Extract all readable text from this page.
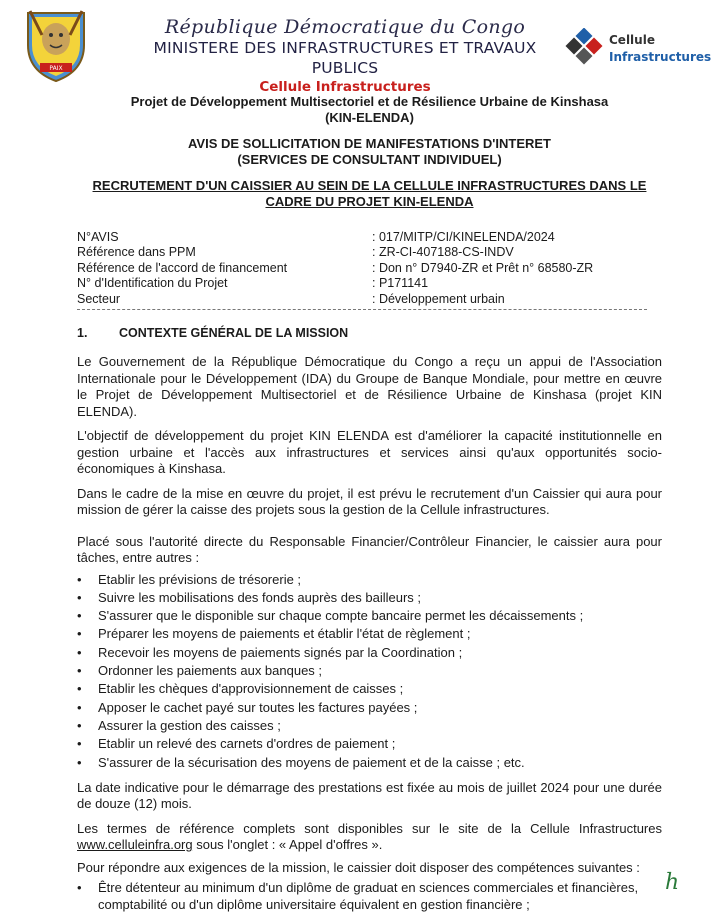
PAIX
République Démocratique du Congo
MINISTERE DES INFRASTRUCTURES ET TRAVAUX PUBLICS
Cellule Infrastructures
Cellule
Infrastructures
Projet de Développement Multisectoriel et de Résilience Urbaine de Kinshasa
(KIN-ELENDA)
AVIS DE SOLLICITATION DE MANIFESTATIONS D'INTERET
(SERVICES DE CONSULTANT INDIVIDUEL)
RECRUTEMENT D'UN CAISSIER AU SEIN DE LA CELLULE INFRASTRUCTURES DANS LE
CADRE DU PROJET KIN-ELENDA
N°AVIS	: 017/MITP/CI/KINELENDA/2024
Référence dans PPM	: ZR-CI-407188-CS-INDV
Référence de l'accord de financement	: Don n° D7940-ZR et Prêt n° 68580-ZR
N° d'Identification du Projet	: P171141
Secteur	: Développement urbain
1.	CONTEXTE GÉNÉRAL DE LA MISSION

Le Gouvernement de la République Démocratique du Congo a reçu un appui de l'Association Internationale pour le Développement (IDA) du Groupe de Banque Mondiale, pour mettre en œuvre le Projet de Développement Multisectoriel et de Résilience Urbaine de Kinshasa (projet KIN ELENDA).

L'objectif de développement du projet KIN ELENDA est d'améliorer la capacité institutionnelle en gestion urbaine et l'accès aux infrastructures et services ainsi qu'aux opportunités socio-économiques à Kinshasa.

Dans le cadre de la mise en œuvre du projet, il est prévu le recrutement d'un Caissier qui aura pour mission de gérer la caisse des projets sous la gestion de la Cellule infrastructures.

Placé sous l'autorité directe du Responsable Financier/Contrôleur Financier, le caissier aura pour tâches, entre autres :

• Etablir les prévisions de trésorerie ;
• Suivre les mobilisations des fonds auprès des bailleurs ;
• S'assurer que le disponible sur chaque compte bancaire permet les décaissements ;
• Préparer les moyens de paiements et établir l'état de règlement ;
• Recevoir les moyens de paiements signés par la Coordination ;
• Ordonner les paiements aux banques ;
• Etablir les chèques d'approvisionnement de caisses ;
• Apposer le cachet payé sur toutes les factures payées ;
• Assurer la gestion des caisses ;
• Etablir un relevé des carnets d'ordres de paiement ;
• S'assurer de la sécurisation des moyens de paiement et de la caisse ; etc.

La date indicative pour le démarrage des prestations est fixée au mois de juillet 2024 pour une durée de douze (12) mois.

Les termes de référence complets sont disponibles sur le site de la Cellule Infrastructures www.celluleinfra.org sous l'onglet : « Appel d'offres ».

Pour répondre aux exigences de la mission, le caissier doit disposer des compétences suivantes :

• Être détenteur au minimum d'un diplôme de graduat en sciences commerciales et financières, comptabilité ou d'un diplôme universitaire équivalent en gestion financière ;
h
